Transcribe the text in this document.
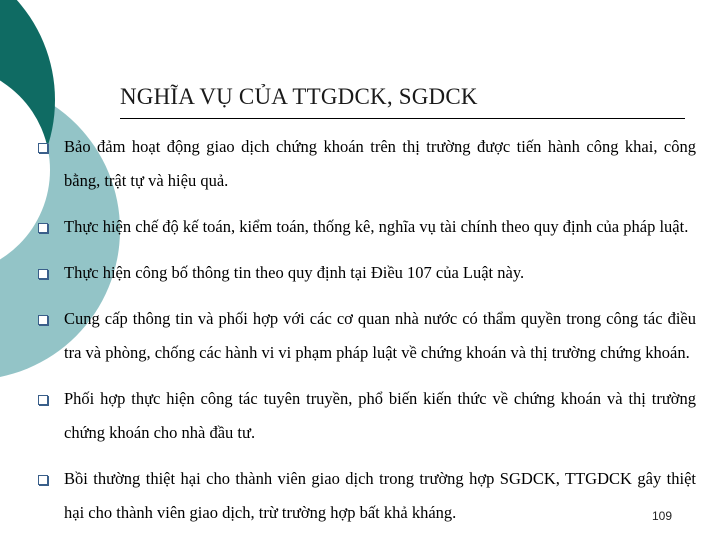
NGHĨA VỤ CỦA TTGDCK, SGDCK
Bảo đảm hoạt động giao dịch chứng khoán trên thị trường được tiến hành công khai, công bằng, trật tự và hiệu quả.
Thực hiện chế độ kế toán, kiểm toán, thống kê, nghĩa vụ tài chính theo quy định của pháp luật.
Thực hiện công bố thông tin theo quy định tại Điều 107 của Luật này.
Cung cấp thông tin và phối hợp với các cơ quan nhà nước có thẩm quyền trong công tác điều tra và phòng, chống các hành vi vi phạm pháp luật về chứng khoán và thị trường chứng khoán.
Phối hợp thực hiện công tác tuyên truyền, phổ biến kiến thức về chứng khoán và thị trường chứng khoán cho nhà đầu tư.
Bồi thường thiệt hại cho thành viên giao dịch trong trường hợp SGDCK, TTGDCK gây thiệt hại cho thành viên giao dịch, trừ trường hợp bất khả kháng.	109
